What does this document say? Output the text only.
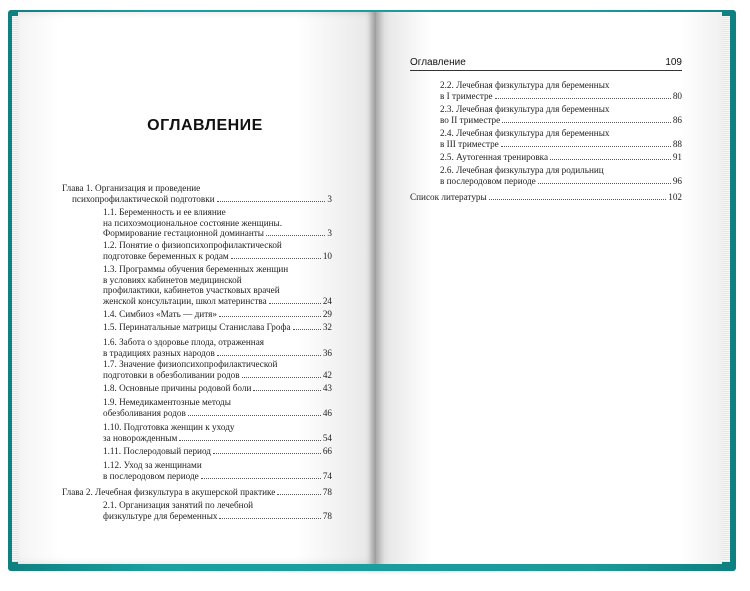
ОГЛАВЛЕНИЕ
Оглавление	109
Глава 1. Организация и проведение
психопрофилактической подготовки	3
1.1. Беременность и ее влияние
на психоэмоциональное состояние женщины.
Формирование гестационной доминанты	3
1.2. Понятие о физиопсихопрофилактической
подготовке беременных к родам	10
1.3. Программы обучения беременных женщин
в условиях кабинетов медицинской
профилактики, кабинетов участковых врачей
женской консультации, школ материнства	24
1.4. Симбиоз «Мать — дитя»	29
1.5. Перинатальные матрицы Станислава Грофа	32
1.6. Забота о здоровье плода, отраженная
в традициях разных народов	36
1.7. Значение физиопсихопрофилактической
подготовки в обезболивании родов	42
1.8. Основные причины родовой боли	43
1.9. Немедикаментозные методы
обезболивания родов	46
1.10. Подготовка женщин к уходу
за новорожденным	54
1.11. Послеродовый период	66
1.12. Уход за женщинами
в послеродовом периоде	74
Глава 2. Лечебная физкультура в акушерской практике	78
2.1. Организация занятий по лечебной
физкультуре для беременных	78
2.2. Лечебная физкультура для беременных
в I триместре	80
2.3. Лечебная физкультура для беременных
во II триместре	86
2.4. Лечебная физкультура для беременных
в III триместре	88
2.5. Аутогенная тренировка	91
2.6. Лечебная физкультура для родильниц
в послеродовом периоде	96
Список литературы	102
